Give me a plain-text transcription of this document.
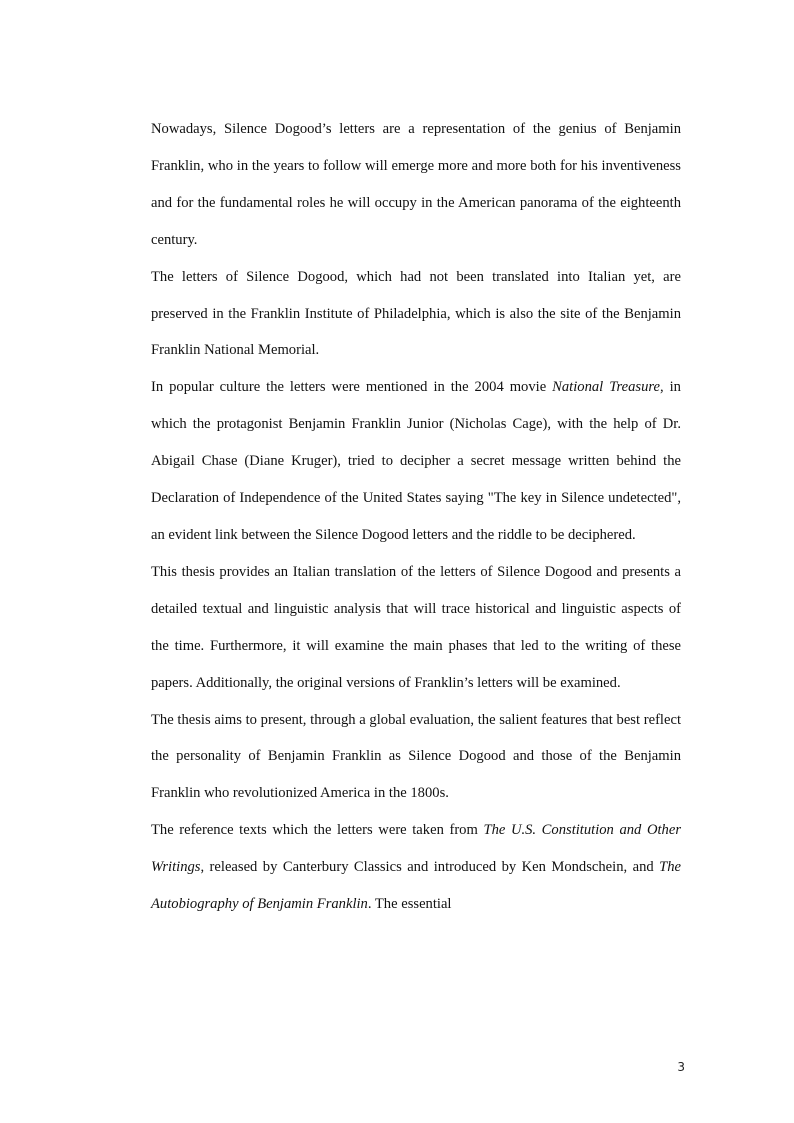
Nowadays, Silence Dogood’s letters are a representation of the genius of Benjamin Franklin, who in the years to follow will emerge more and more both for his inventiveness and for the fundamental roles he will occupy in the American panorama of the eighteenth century.

The letters of Silence Dogood, which had not been translated into Italian yet, are preserved in the Franklin Institute of Philadelphia, which is also the site of the Benjamin Franklin National Memorial.

In popular culture the letters were mentioned in the 2004 movie National Treasure, in which the protagonist Benjamin Franklin Junior (Nicholas Cage), with the help of Dr. Abigail Chase (Diane Kruger), tried to decipher a secret message written behind the Declaration of Independence of the United States saying "The key in Silence undetected", an evident link between the Silence Dogood letters and the riddle to be deciphered.

This thesis provides an Italian translation of the letters of Silence Dogood and presents a detailed textual and linguistic analysis that will trace historical and linguistic aspects of the time. Furthermore, it will examine the main phases that led to the writing of these papers. Additionally, the original versions of Franklin’s letters will be examined.

The thesis aims to present, through a global evaluation, the salient features that best reflect the personality of Benjamin Franklin as Silence Dogood and those of the Benjamin Franklin who revolutionized America in the 1800s.

The reference texts which the letters were taken from The U.S. Constitution and Other Writings, released by Canterbury Classics and introduced by Ken Mondschein, and The Autobiography of Benjamin Franklin. The essential

3
